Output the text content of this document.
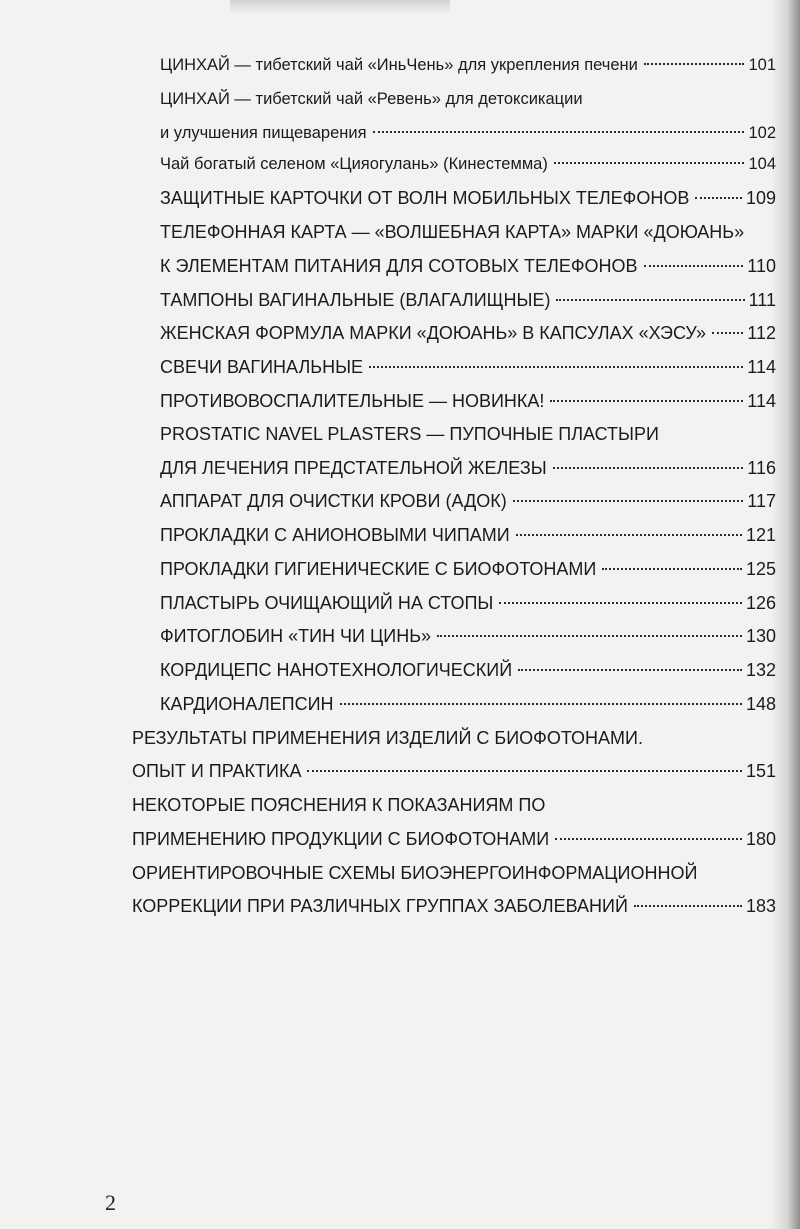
ЦИНХАЙ — тибетский чай «ИньЧень» для укрепления печени	101
ЦИНХАЙ — тибетский чай «Ревень» для детоксикации
и улучшения пищеварения	102
Чай богатый селеном «Цияогулань» (Кинестемма)	104
ЗАЩИТНЫЕ КАРТОЧКИ ОТ ВОЛН МОБИЛЬНЫХ ТЕЛЕФОНОВ	109
ТЕЛЕФОННАЯ КАРТА — «ВОЛШЕБНАЯ КАРТА» МАРКИ «ДОЮАНЬ»
К ЭЛЕМЕНТАМ ПИТАНИЯ ДЛЯ СОТОВЫХ ТЕЛЕФОНОВ	110
ТАМПОНЫ ВАГИНАЛЬНЫЕ (ВЛАГАЛИЩНЫЕ)	111
ЖЕНСКАЯ ФОРМУЛА МАРКИ «ДОЮАНЬ» В КАПСУЛАХ «ХЭСУ» 112
СВЕЧИ ВАГИНАЛЬНЫЕ	114
ПРОТИВОВОСПАЛИТЕЛЬНЫЕ — НОВИНКА!	114
PROSTATIC NAVEL PLASTERS — ПУПОЧНЫЕ ПЛАСТЫРИ
ДЛЯ ЛЕЧЕНИЯ ПРЕДСТАТЕЛЬНОЙ ЖЕЛЕЗЫ	116
АППАРАТ ДЛЯ ОЧИСТКИ КРОВИ (АДОК)	117
ПРОКЛАДКИ С АНИОНОВЫМИ ЧИПАМИ	121
ПРОКЛАДКИ ГИГИЕНИЧЕСКИЕ С БИОФОТОНАМИ	125
ПЛАСТЫРЬ ОЧИЩАЮЩИЙ НА СТОПЫ	126
ФИТОГЛОБИН «ТИН ЧИ ЦИНЬ»	130
КОРДИЦЕПС НАНОТЕХНОЛОГИЧЕСКИЙ	132
КАРДИОНАЛЕПСИН	148
РЕЗУЛЬТАТЫ ПРИМЕНЕНИЯ ИЗДЕЛИЙ С БИОФОТОНАМИ.
ОПЫТ И ПРАКТИКА	151
НЕКОТОРЫЕ ПОЯСНЕНИЯ К ПОКАЗАНИЯМ ПО
ПРИМЕНЕНИЮ ПРОДУКЦИИ С БИОФОТОНАМИ	180
ОРИЕНТИРОВОЧНЫЕ СХЕМЫ БИОЭНЕРГОИНФОРМАЦИОННОЙ
КОРРЕКЦИИ ПРИ РАЗЛИЧНЫХ ГРУППАХ ЗАБОЛЕВАНИЙ	183
2
